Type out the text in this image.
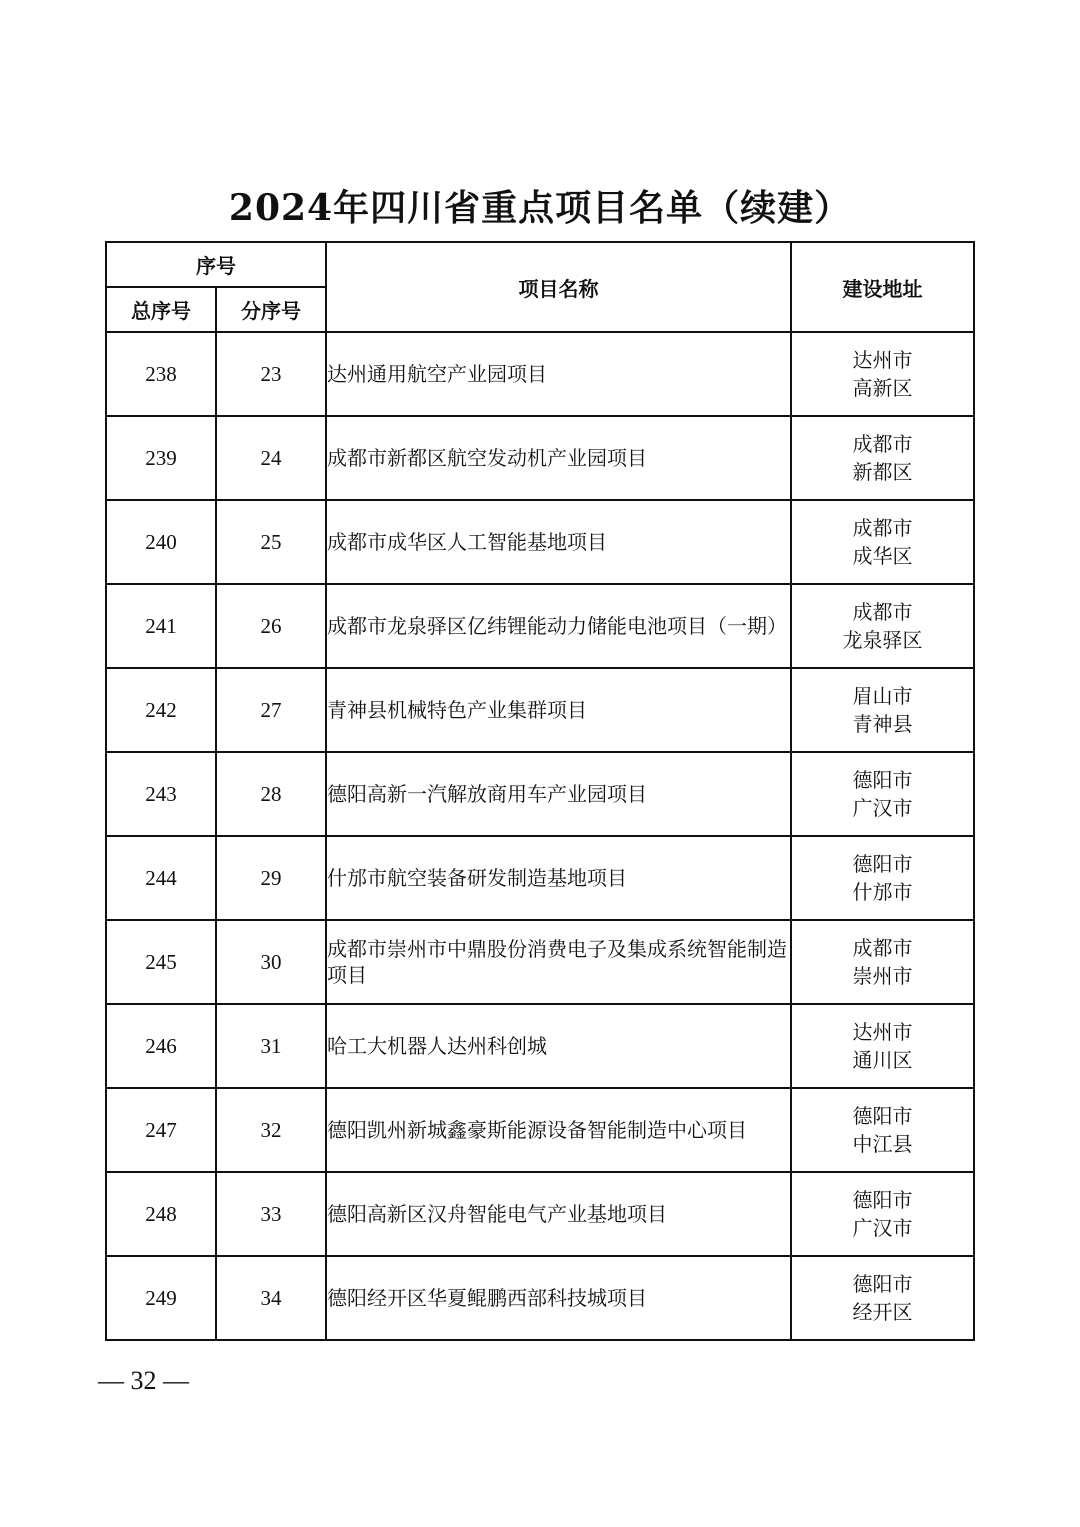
2024年四川省重点项目名单（续建）
序号		项目名称	建设地址
总序号	分序号		
238	23	达州通用航空产业园项目	达州市
高新区

239	24	成都市新都区航空发动机产业园项目	成都市
新都区

240	25	成都市成华区人工智能基地项目	成都市
成华区

241	26	成都市龙泉驿区亿纬锂能动力储能电池项目（一期）	成都市
龙泉驿区

242	27	青神县机械特色产业集群项目	眉山市
青神县

243	28	德阳高新一汽解放商用车产业园项目	德阳市
广汉市

244	29	什邡市航空装备研发制造基地项目	德阳市
什邡市

245	30	成都市崇州市中鼎股份消费电子及集成系统智能制造项目	成都市
崇州市

246	31	哈工大机器人达州科创城	达州市
通川区

247	32	德阳凯州新城鑫豪斯能源设备智能制造中心项目	德阳市
中江县

248	33	德阳高新区汉舟智能电气产业基地项目	德阳市
广汉市

249	34	德阳经开区华夏鲲鹏西部科技城项目	德阳市
经开区
— 32 —
